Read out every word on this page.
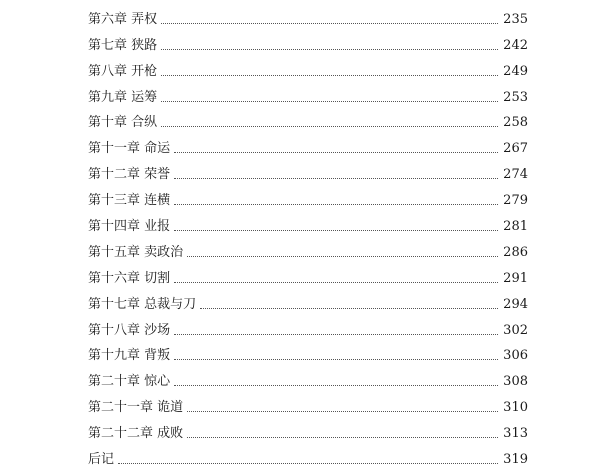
第六章 弄权	235
第七章 狭路	242
第八章 开枪	249
第九章 运筹	253
第十章 合纵	258
第十一章 命运	267
第十二章 荣誉	274
第十三章 连横	279
第十四章 业报	281
第十五章 卖政治	286
第十六章 切割	291
第十七章 总裁与刀	294
第十八章 沙场	302
第十九章 背叛	306
第二十章 惊心	308
第二十一章 诡道	310
第二十二章 成败	313
后记	319
